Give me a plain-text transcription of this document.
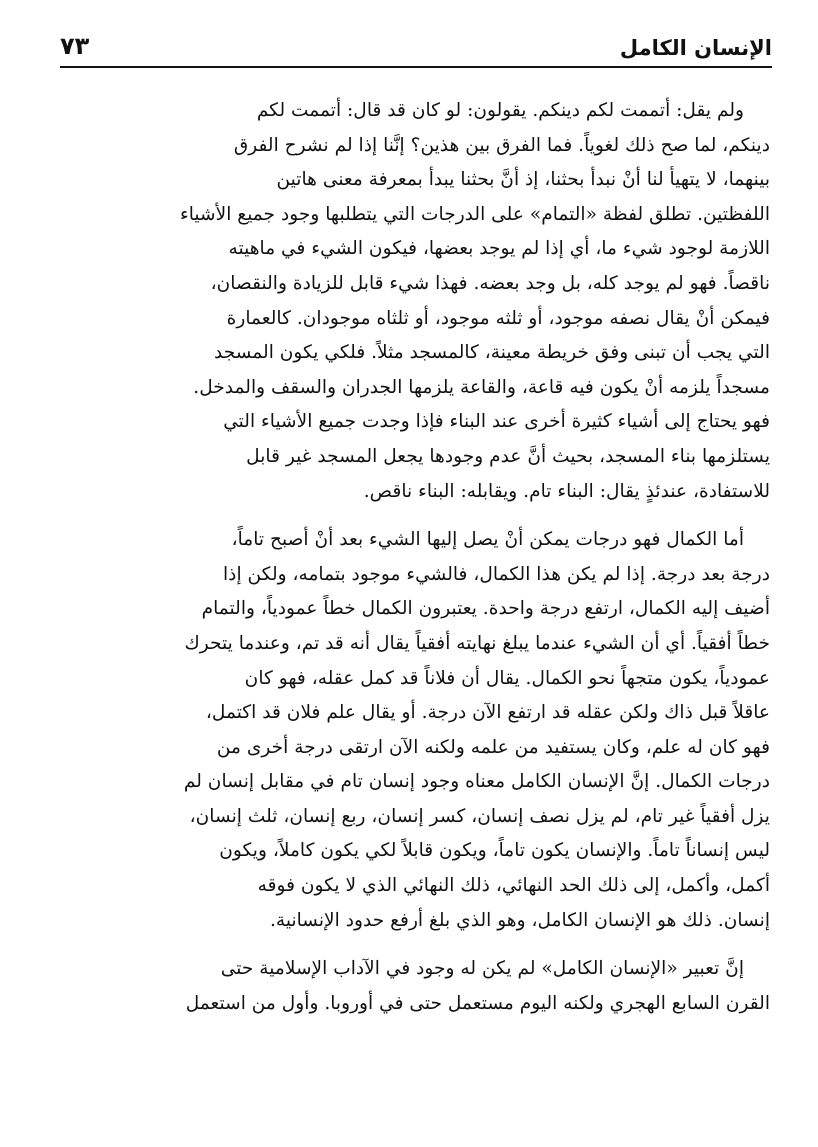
الإنسان الكامل
٧٣

ولم يقل: أتممت لكم دينكم. يقولون: لو كان قد قال: أتممت لكم
دينكم، لما صح ذلك لغوياً. فما الفرق بين هذين؟ إنَّنا إذا لم نشرح الفرق
بينهما، لا يتهيأ لنا أنْ نبدأ بحثنا، إذ أنَّ بحثنا يبدأ بمعرفة معنى هاتين
اللفظتين. تطلق لفظة «التمام» على الدرجات التي يتطلبها وجود جميع الأشياء
اللازمة لوجود شيء ما، أي إذا لم يوجد بعضها، فيكون الشيء في ماهيته
ناقصاً. فهو لم يوجد كله، بل وجد بعضه. فهذا شيء قابل للزيادة والنقصان،
فيمكن أنْ يقال نصفه موجود، أو ثلثه موجود، أو ثلثاه موجودان. كالعمارة
التي يجب أن تبنى وفق خريطة معينة، كالمسجد مثلاً. فلكي يكون المسجد
مسجداً يلزمه أنْ يكون فيه قاعة، والقاعة يلزمها الجدران والسقف والمدخل.
فهو يحتاج إلى أشياء كثيرة أخرى عند البناء فإذا وجدت جميع الأشياء التي
يستلزمها بناء المسجد، بحيث أنَّ عدم وجودها يجعل المسجد غير قابل
للاستفادة، عندئذٍ يقال: البناء تام. ويقابله: البناء ناقص.

أما الكمال فهو درجات يمكن أنْ يصل إليها الشيء بعد أنْ أصبح تاماً،
درجة بعد درجة. إذا لم يكن هذا الكمال، فالشيء موجود بتمامه، ولكن إذا
أضيف إليه الكمال، ارتفع درجة واحدة. يعتبرون الكمال خطاً عمودياً، والتمام
خطاً أفقياً. أي أن الشيء عندما يبلغ نهايته أفقياً يقال أنه قد تم، وعندما يتحرك
عمودياً، يكون متجهاً نحو الكمال. يقال أن فلاناً قد كمل عقله، فهو كان
عاقلاً قبل ذاك ولكن عقله قد ارتفع الآن درجة. أو يقال علم فلان قد اكتمل،
فهو كان له علم، وكان يستفيد من علمه ولكنه الآن ارتقى درجة أخرى من
درجات الكمال. إنَّ الإنسان الكامل معناه وجود إنسان تام في مقابل إنسان لم
يزل أفقياً غير تام، لم يزل نصف إنسان، كسر إنسان، ربع إنسان، ثلث إنسان،
ليس إنساناً تاماً. والإنسان يكون تاماً، ويكون قابلاً لكي يكون كاملاً، ويكون
أكمل، وأكمل، إلى ذلك الحد النهائي، ذلك النهائي الذي لا يكون فوقه
إنسان. ذلك هو الإنسان الكامل، وهو الذي بلغ أرفع حدود الإنسانية.

إنَّ تعبير «الإنسان الكامل» لم يكن له وجود في الآداب الإسلامية حتى
القرن السابع الهجري ولكنه اليوم مستعمل حتى في أوروبا. وأول من استعمل
